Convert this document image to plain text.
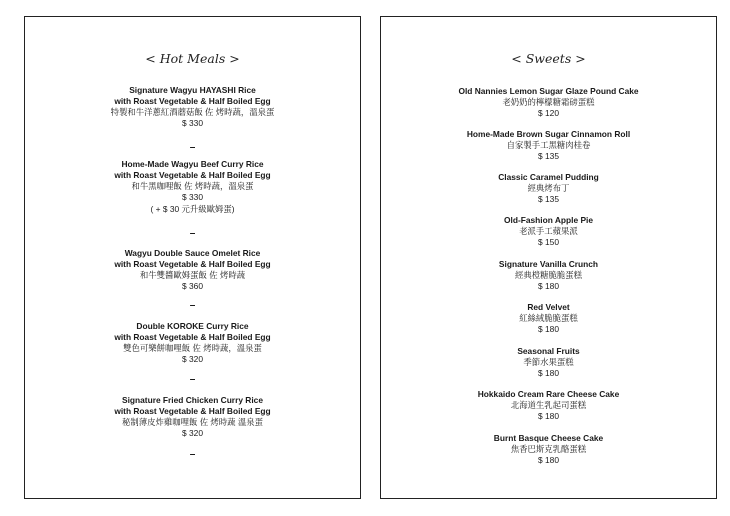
< Hot Meals >
Signature Wagyu HAYASHI Rice
with Roast Vegetable & Half Boiled Egg
特製和牛洋蔥紅酒蘑菇飯 佐 烤時蔬，溫泉蛋
$ 330
–
Home-Made Wagyu Beef Curry Rice
with Roast Vegetable & Half Boiled Egg
和牛黑咖哩飯 佐 烤時蔬，溫泉蛋
$ 330
( + $ 30 元升級歐姆蛋)
–
Wagyu Double Sauce Omelet Rice
with Roast Vegetable & Half Boiled Egg
和牛雙醬歐姆蛋飯 佐 烤時蔬
$ 360
–
Double KOROKE Curry Rice
with Roast Vegetable & Half Boiled Egg
雙色可樂餅咖哩飯 佐 烤時蔬，溫泉蛋
$ 320
–
Signature Fried Chicken Curry Rice
with Roast Vegetable & Half Boiled Egg
秘制薄皮炸雞咖哩飯 佐 烤時蔬 溫泉蛋
$ 320
–
< Sweets >
Old Nannies Lemon Sugar Glaze Pound Cake
老奶奶的檸檬糖霜磅蛋糕
$ 120
Home-Made Brown Sugar Cinnamon Roll
自家製手工黑糖肉桂卷
$ 135
Classic Caramel Pudding
經典烤布丁
$ 135
Old-Fashion Apple Pie
老派手工蘋果派
$ 150
Signature Vanilla Crunch
經典榿糖脆脆蛋糕
$ 180
Red Velvet
紅絲絨脆脆蛋糕
$ 180
Seasonal Fruits
季節水果蛋糕
$ 180
Hokkaido Cream Rare Cheese Cake
北海道生乳起司蛋糕
$ 180
Burnt Basque Cheese Cake
焦香巴斯克乳酪蛋糕
$ 180
